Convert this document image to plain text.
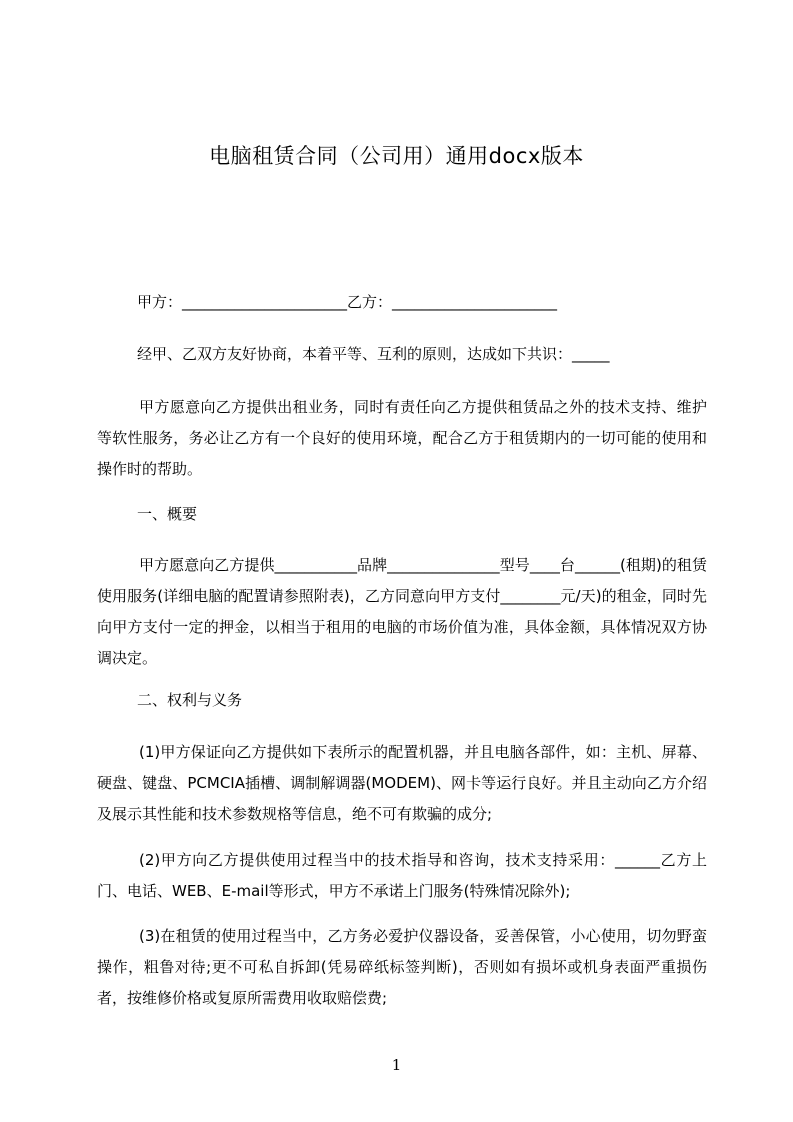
电脑租赁合同（公司用）通用docx版本

甲方：______________________乙方：______________________

经甲、乙双方友好协商，本着平等、互利的原则，达成如下共识：_____

甲方愿意向乙方提供出租业务，同时有责任向乙方提供租赁品之外的技术支持、维护等软性服务，务必让乙方有一个良好的使用环境，配合乙方于租赁期内的一切可能的使用和操作时的帮助。

一、概要

甲方愿意向乙方提供___________品牌_______________型号____台______(租期)的租赁使用服务(详细电脑的配置请参照附表)，乙方同意向甲方支付________元/天)的租金，同时先向甲方支付一定的押金，以相当于租用的电脑的市场价值为准，具体金额，具体情况双方协调决定。

二、权利与义务

(1)甲方保证向乙方提供如下表所示的配置机器，并且电脑各部件，如：主机、屏幕、硬盘、键盘、PCMCIA插槽、调制解调器(MODEM)、网卡等运行良好。并且主动向乙方介绍及展示其性能和技术参数规格等信息，绝不可有欺骗的成分;

(2)甲方向乙方提供使用过程当中的技术指导和咨询，技术支持采用：______乙方上门、电话、WEB、E-mail等形式，甲方不承诺上门服务(特殊情况除外);

(3)在租赁的使用过程当中，乙方务必爱护仪器设备，妥善保管，小心使用，切勿野蛮操作，粗鲁对待;更不可私自拆卸(凭易碎纸标签判断)，否则如有损坏或机身表面严重损伤者，按维修价格或复原所需费用收取赔偿费;

1
